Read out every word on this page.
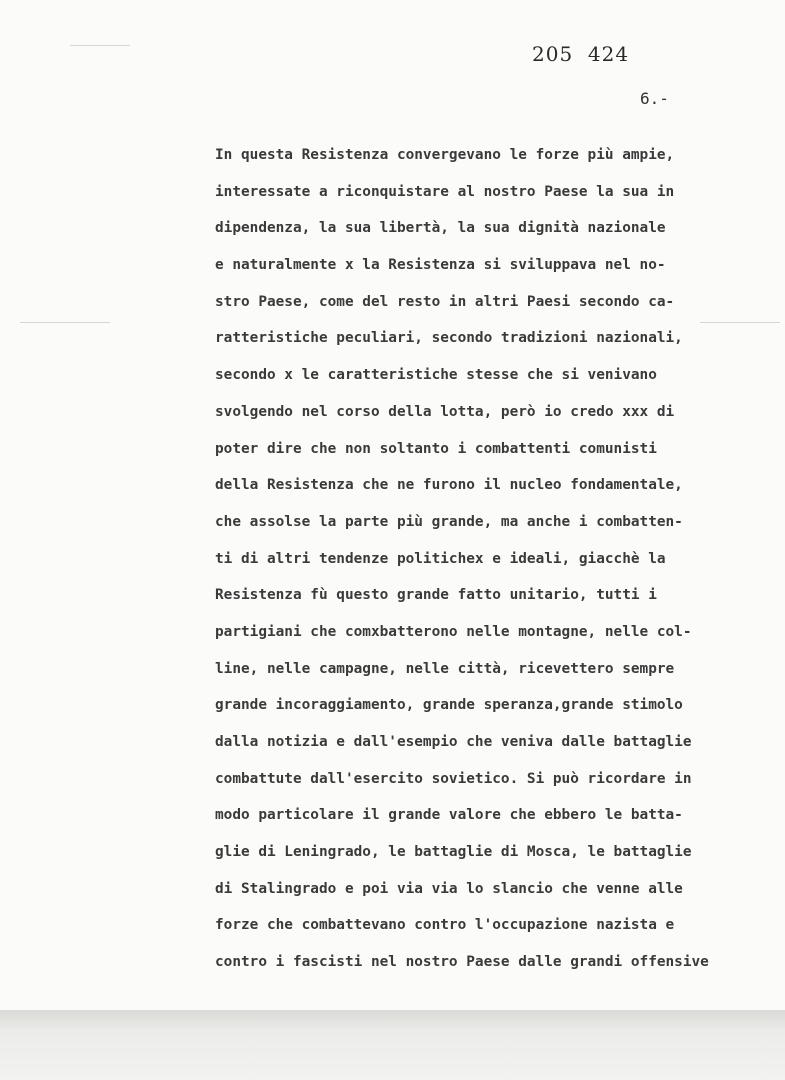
205  424
6.-
In questa Resistenza convergevano le forze più ampie,
interessate a riconquistare al nostro Paese la sua in
dipendenza, la sua libertà, la sua dignità nazionale
e naturalmente x la Resistenza si sviluppava nel no-
stro Paese, come del resto in altri Paesi secondo ca-
ratteristiche peculiari, secondo tradizioni nazionali,
secondo x le caratteristiche stesse che si venivano
svolgendo nel corso della lotta, però io credo xxx di
poter dire che non soltanto i combattenti comunisti
della Resistenza che ne furono il nucleo fondamentale,
che assolse la parte più grande, ma anche i combatten-
ti di altri tendenze politichex e ideali, giacchè la
Resistenza fù questo grande fatto unitario, tutti i
partigiani che comxbatterono nelle montagne, nelle col-
line, nelle campagne, nelle città, ricevettero sempre
grande incoraggiamento, grande speranza,grande stimolo
dalla notizia e dall'esempio che veniva dalle battaglie
combattute dall'esercito sovietico. Si può ricordare in
modo particolare il grande valore che ebbero le batta-
glie di Leningrado, le battaglie di Mosca, le battaglie
di Stalingrado e poi via via lo slancio che venne alle
forze che combattevano contro l'occupazione nazista e
contro i fascisti nel nostro Paese dalle grandi offensive
